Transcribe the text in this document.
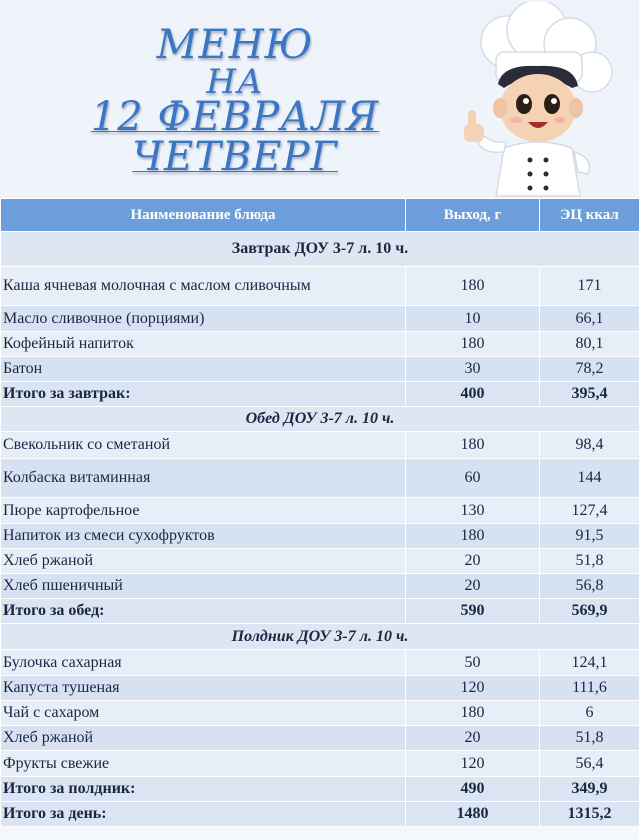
МЕНЮ
НА
12 ФЕВРАЛЯ
ЧЕТВЕРГ
Наименование блюда	Выход, г	ЭЦ ккал
Завтрак ДОУ 3-7 л. 10 ч.		
Каша ячневая молочная с маслом сливочным	180	171
Масло сливочное (порциями)	10	66,1
Кофейный напиток	180	80,1
Батон	30	78,2
Итого за завтрак:	400	395,4
Обед ДОУ 3-7 л. 10 ч.		
Свекольник со сметаной	180	98,4
Колбаска витаминная	60	144
Пюре картофельное	130	127,4
Напиток из смеси сухофруктов	180	91,5
Хлеб ржаной	20	51,8
Хлеб пшеничный	20	56,8
Итого за обед:	590	569,9
Полдник ДОУ 3-7 л. 10 ч.		
Булочка сахарная	50	124,1
Капуста тушеная	120	111,6
Чай с сахаром	180	6
Хлеб ржаной	20	51,8
Фрукты свежие	120	56,4
Итого за полдник:	490	349,9
Итого за день:	1480	1315,2
